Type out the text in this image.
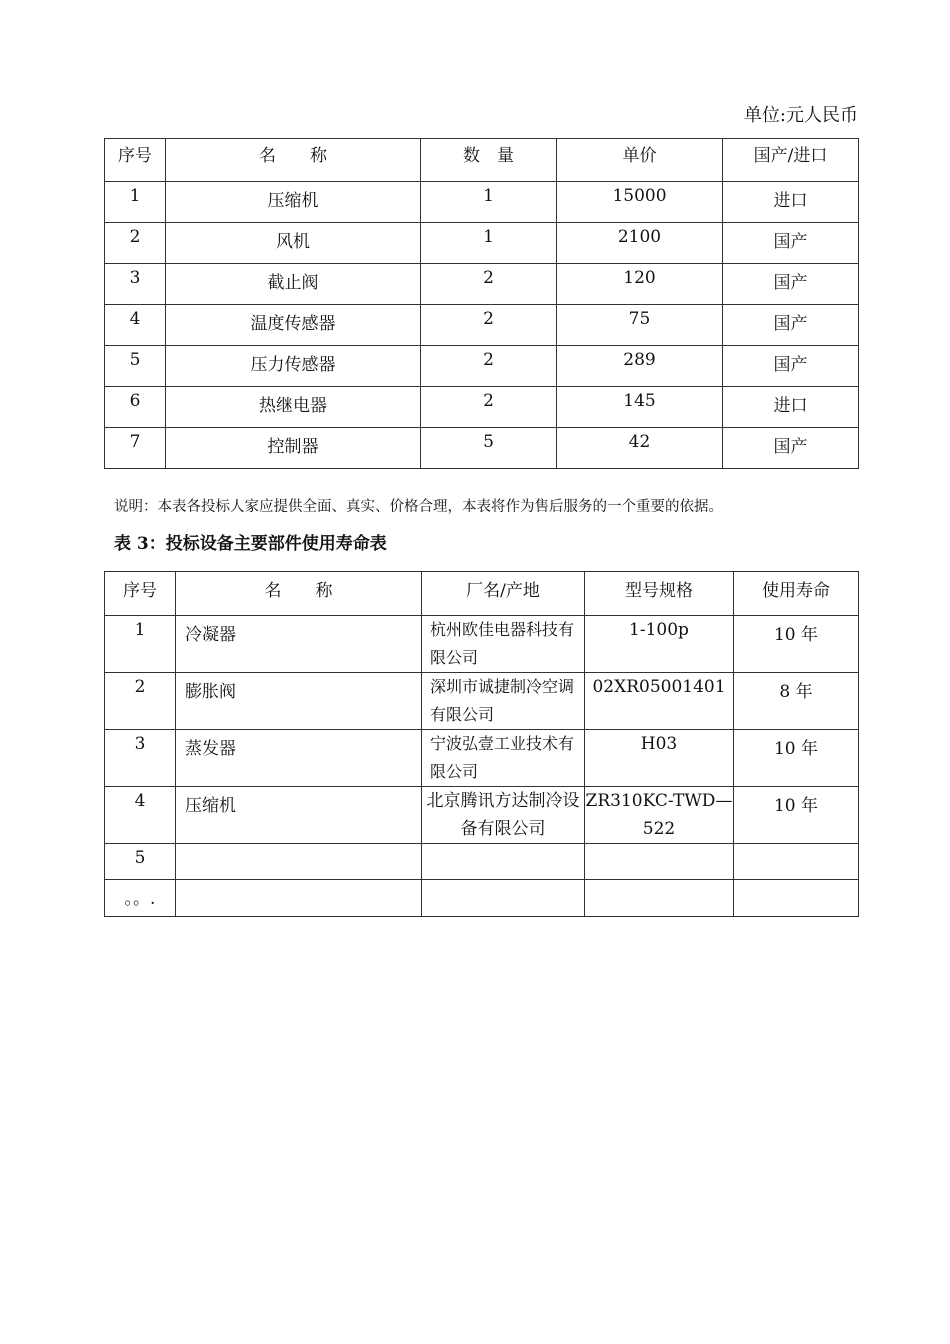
单位:元人民币
序号	名　　称	数　量	单价	国产/进口
1	压缩机	1	15000	进口
2	风机	1	2100	国产
3	截止阀	2	120	国产
4	温度传感器	2	75	国产
5	压力传感器	2	289	国产
6	热继电器	2	145	进口
7	控制器	5	42	国产
说明：本表各投标人家应提供全面、真实、价格合理，本表将作为售后服务的一个重要的依据。
表 3：投标设备主要部件使用寿命表
序号	名　　称	厂名/产地	型号规格	使用寿命
1	冷凝器	杭州欧佳电器科技有限公司	1-100p	10 年
2	膨胀阀	深圳市诚捷制冷空调有限公司	02XR05001401	8 年
3	蒸发器	宁波弘壹工业技术有限公司	H03	10 年
4	压缩机	北京腾讯方达制冷设备有限公司	ZR310KC-TWD—522	10 年
5				
。。.				
